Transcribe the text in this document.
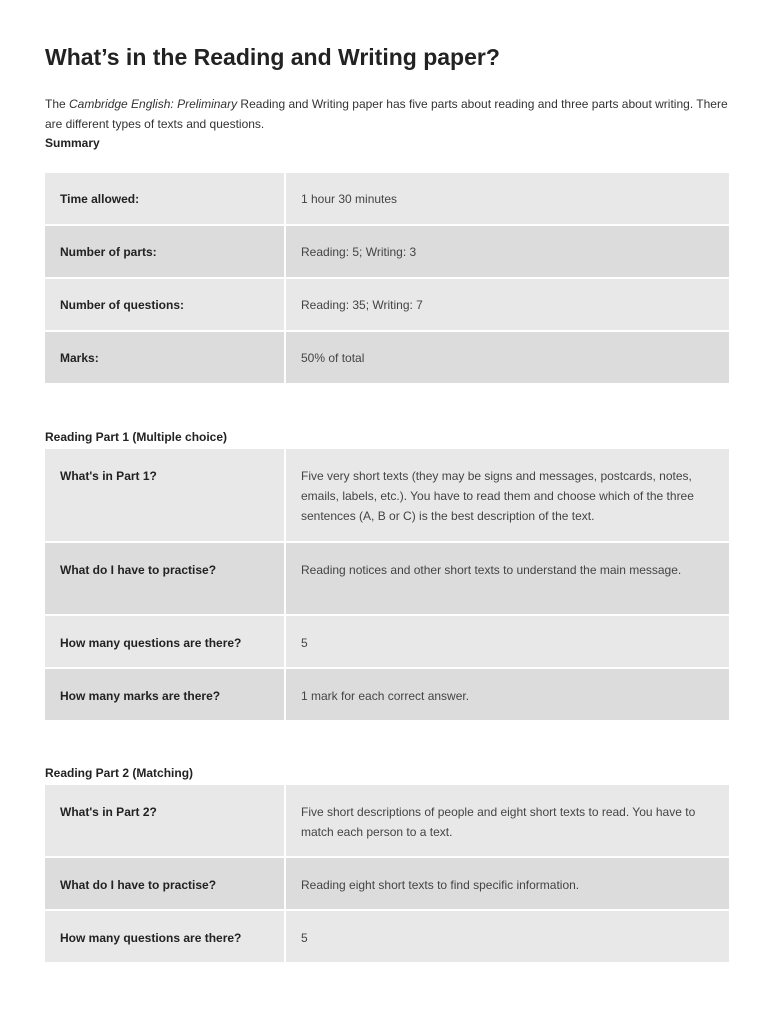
What’s in the Reading and Writing paper?

The Cambridge English: Preliminary Reading and Writing paper has five parts about reading and three parts about writing. There are different types of texts and questions.

Summary
Time allowed:	1 hour 30 minutes
Number of parts:	Reading: 5; Writing: 3
Number of questions:	Reading: 35; Writing: 7
Marks:	50% of total
Reading Part 1 (Multiple choice)
What's in Part 1?	Five very short texts (they may be signs and messages, postcards, notes, emails, labels, etc.). You have to read them and choose which of the three sentences (A, B or C) is the best description of the text.
What do I have to practise?	Reading notices and other short texts to understand the main message.
How many questions are there?	5
How many marks are there?	1 mark for each correct answer.
Reading Part 2 (Matching)
What's in Part 2?	Five short descriptions of people and eight short texts to read. You have to match each person to a text.
What do I have to practise?	Reading eight short texts to find specific information.
How many questions are there?	5
